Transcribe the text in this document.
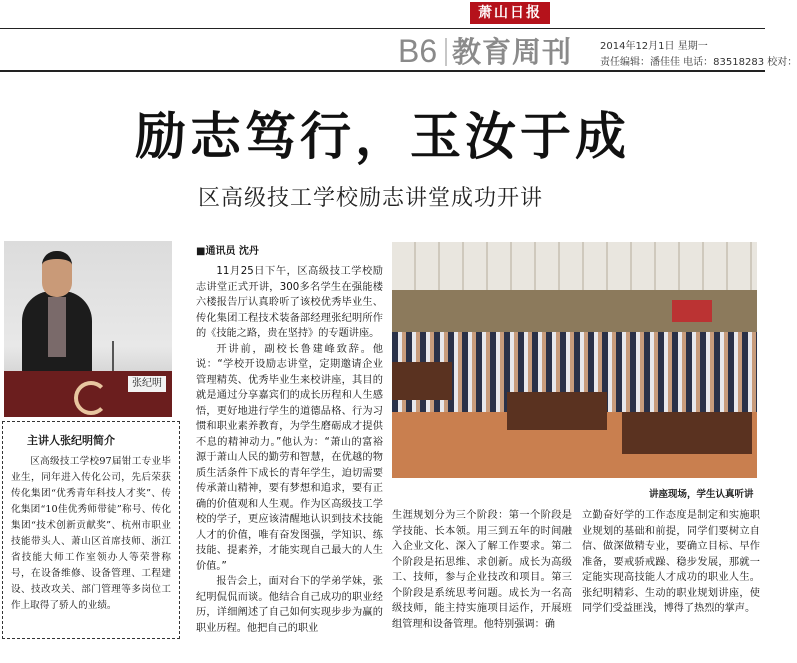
萧山日报
B6 教育周刊	2014年12月1日 星期一
责任编辑：潘佳佳 电话：83518283 校对：
励志笃行，玉汝于成
区高级技工学校励志讲堂成功开讲
张纪明
主讲人张纪明简介
区高级技工学校97届钳工专业毕业生，同年进入传化公司，先后荣获传化集团“优秀青年科技人才奖”、传化集团“10佳优秀师带徒”称号、传化集团“技术创新贡献奖”、杭州市职业技能带头人、萧山区首席技师、浙江省技能大师工作室领办人等荣誉称号，在设备维修、设备管理、工程建设、技改攻关、部门管理等多岗位工作上取得了骄人的业绩。
■通讯员 沈丹

11月25日下午，区高级技工学校励志讲堂正式开讲，300多名学生在强能楼六楼报告厅认真聆听了该校优秀毕业生、传化集团工程技术装备部经理张纪明所作的《技能之路，贵在坚持》的专题讲座。

开讲前，副校长鲁建峰致辞。他说：“学校开设励志讲堂，定期邀请企业管理精英、优秀毕业生来校讲座，其目的就是通过分享嘉宾们的成长历程和人生感悟，更好地进行学生的道德品格、行为习惯和职业素养教育，为学生磨砺成才提供不息的精神动力。”他认为：“萧山的富裕源于萧山人民的勤劳和智慧，在优越的物质生活条件下成长的青年学生，迫切需要传承萧山精神，要有梦想和追求，要有正确的价值观和人生观。作为区高级技工学校的学子，更应该清醒地认识到技术技能人才的价值，唯有奋发图强，学知识、练技能、提素养，才能实现自己最大的人生价值。”

报告会上，面对台下的学弟学妹，张纪明侃侃而谈。他结合自己成功的职业经历，详细阐述了自己如何实现步步为赢的职业历程。他把自己的职业

讲座现场，学生认真听讲

生涯规划分为三个阶段：第一个阶段是学技能、长本领。用三到五年的时间融入企业文化、深入了解工作要求。第二个阶段是拓思维、求创新。成长为高级工、技师，参与企业技改和项目。第三个阶段是系统思考问题。成长为一名高级技师，能主持实施项目运作，开展班组管理和设备管理。他特别强调：确

立勤奋好学的工作态度是制定和实施职业规划的基础和前提，同学们要树立自信、做深做精专业，要确立目标、早作准备，要戒骄戒躁、稳步发展，那就一定能实现高技能人才成功的职业人生。张纪明精彩、生动的职业规划讲座，使同学们受益匪浅，博得了热烈的掌声。
